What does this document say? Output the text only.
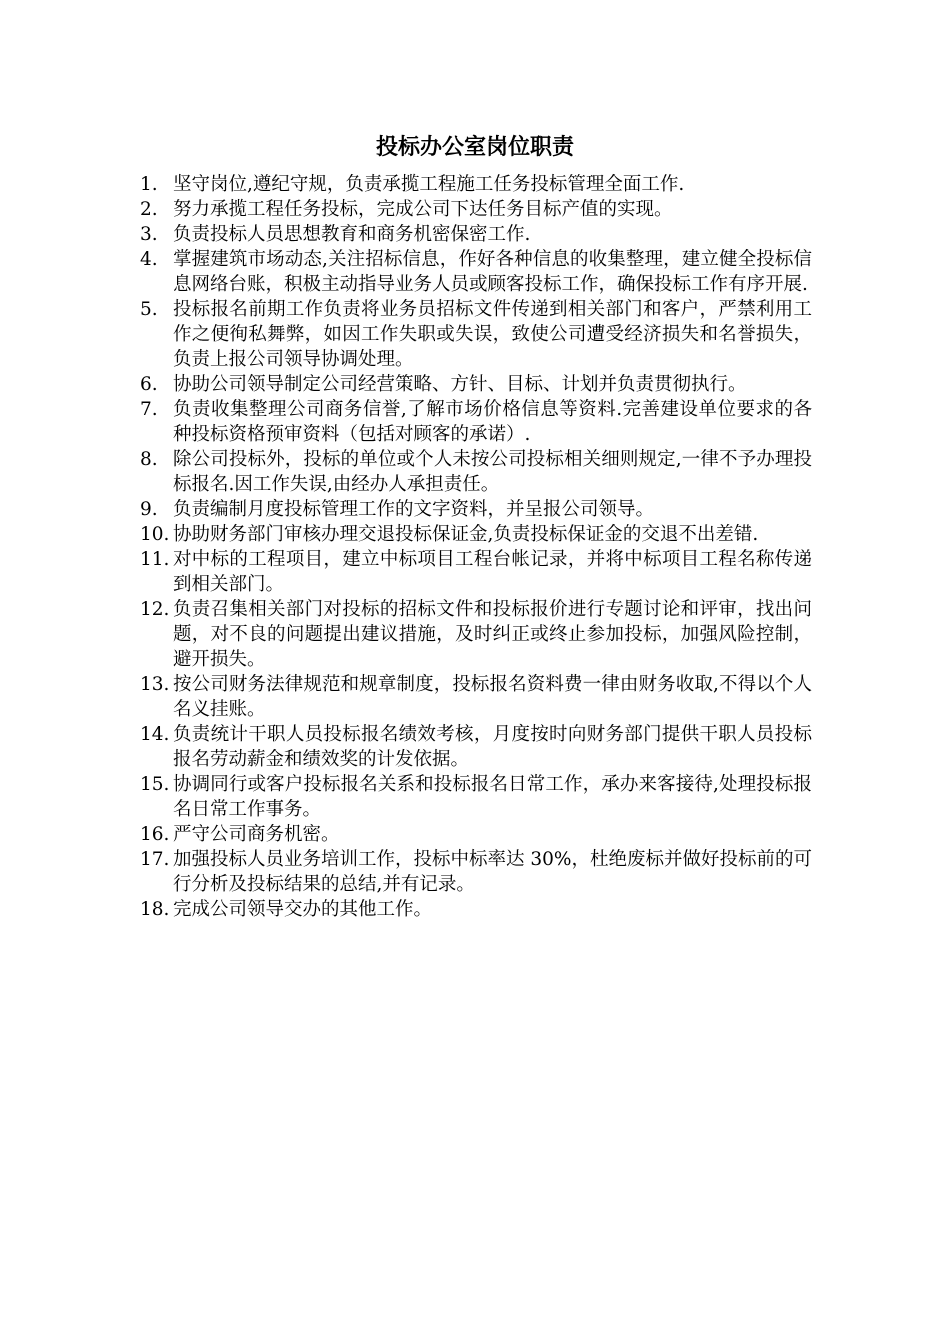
投标办公室岗位职责
1. 坚守岗位,遵纪守规，负责承揽工程施工任务投标管理全面工作.
2. 努力承揽工程任务投标，完成公司下达任务目标产值的实现。
3. 负责投标人员思想教育和商务机密保密工作.
4. 掌握建筑市场动态,关注招标信息，作好各种信息的收集整理，建立健全投标信息网络台账，积极主动指导业务人员或顾客投标工作，确保投标工作有序开展.
5. 投标报名前期工作负责将业务员招标文件传递到相关部门和客户，严禁利用工作之便徇私舞弊，如因工作失职或失误，致使公司遭受经济损失和名誉损失，负责上报公司领导协调处理。
6. 协助公司领导制定公司经营策略、方针、目标、计划并负责贯彻执行。
7. 负责收集整理公司商务信誉,了解市场价格信息等资料.完善建设单位要求的各种投标资格预审资料（包括对顾客的承诺）.
8. 除公司投标外，投标的单位或个人未按公司投标相关细则规定,一律不予办理投标报名.因工作失误,由经办人承担责任。
9. 负责编制月度投标管理工作的文字资料，并呈报公司领导。
10. 协助财务部门审核办理交退投标保证金,负责投标保证金的交退不出差错.
11. 对中标的工程项目，建立中标项目工程台帐记录，并将中标项目工程名称传递到相关部门。
12. 负责召集相关部门对投标的招标文件和投标报价进行专题讨论和评审，找出问题，对不良的问题提出建议措施，及时纠正或终止参加投标，加强风险控制，避开损失。
13. 按公司财务法律规范和规章制度，投标报名资料费一律由财务收取,不得以个人名义挂账。
14. 负责统计干职人员投标报名绩效考核，月度按时向财务部门提供干职人员投标报名劳动薪金和绩效奖的计发依据。
15. 协调同行或客户投标报名关系和投标报名日常工作，承办来客接待,处理投标报名日常工作事务。
16. 严守公司商务机密。
17. 加强投标人员业务培训工作，投标中标率达 30%，杜绝废标并做好投标前的可行分析及投标结果的总结,并有记录。
18. 完成公司领导交办的其他工作。
